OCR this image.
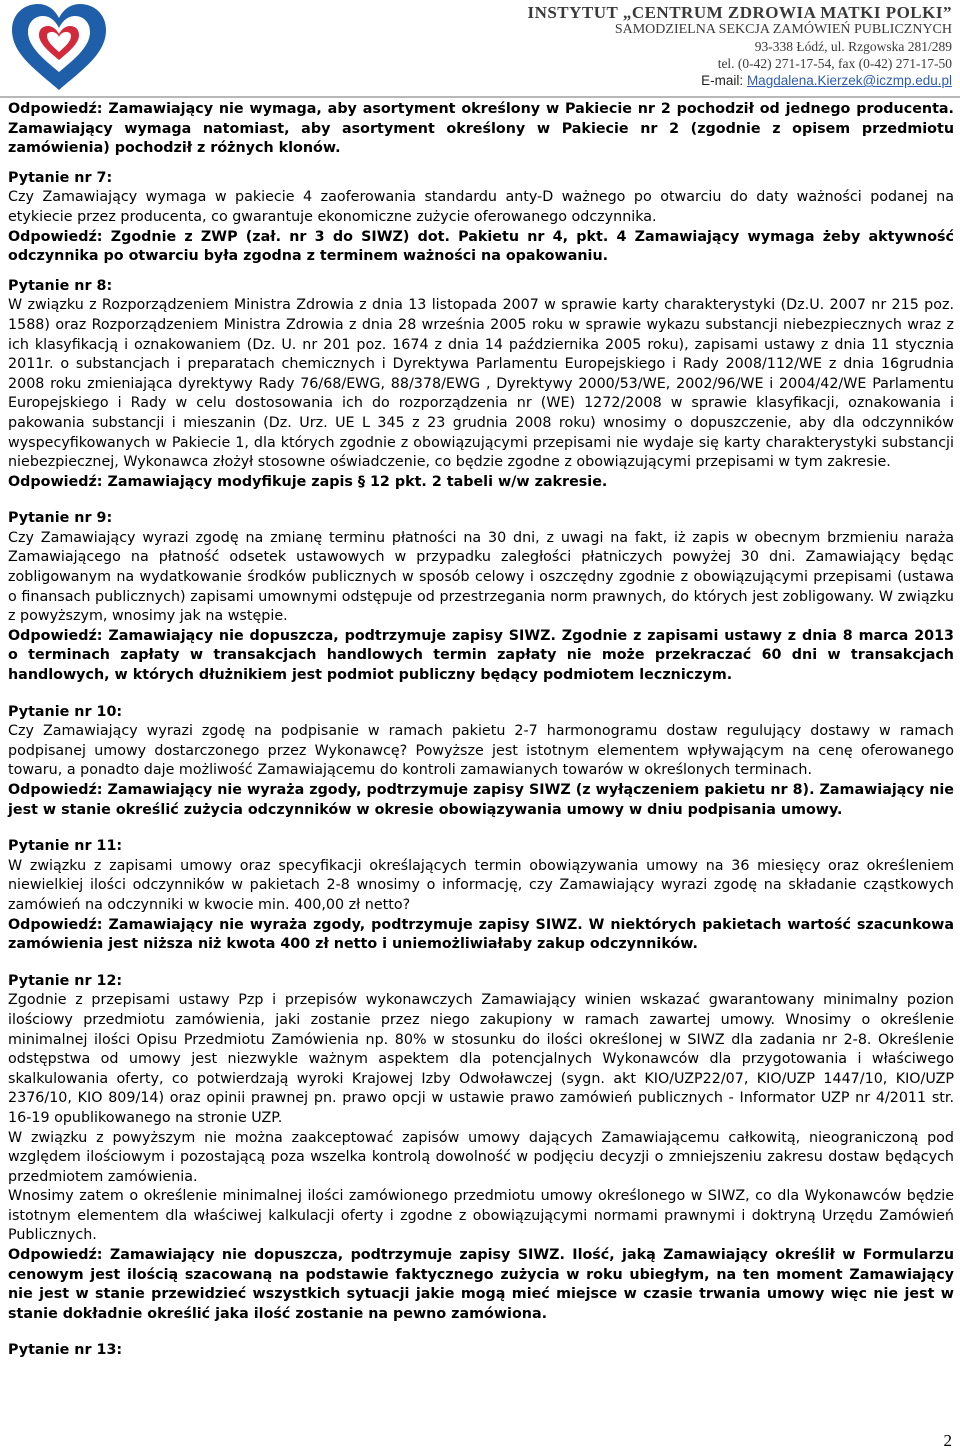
INSTYTUT „CENTRUM ZDROWIA MATKI POLKI”
SAMODZIELNA SEKCJA ZAMÓWIEŃ PUBLICZNYCH
93-338 Łódź, ul. Rzgowska 281/289
tel. (0-42) 271-17-54, fax (0-42) 271-17-50
E-mail: Magdalena.Kierzek@iczmp.edu.pl

Odpowiedź: Zamawiający nie wymaga, aby asortyment określony w Pakiecie nr 2 pochodził od jednego producenta. Zamawiający wymaga natomiast, aby asortyment określony w Pakiecie nr 2 (zgodnie z opisem przedmiotu zamówienia) pochodził z różnych klonów.

Pytanie nr 7:

Czy Zamawiający wymaga w pakiecie 4 zaoferowania standardu anty-D ważnego po otwarciu do daty ważności podanej na etykiecie przez producenta, co gwarantuje ekonomiczne zużycie oferowanego odczynnika.

Odpowiedź: Zgodnie z ZWP (zał. nr 3 do SIWZ) dot. Pakietu nr 4, pkt. 4 Zamawiający wymaga żeby aktywność odczynnika po otwarciu była zgodna z terminem ważności na opakowaniu.

Pytanie nr 8:

W związku z Rozporządzeniem Ministra Zdrowia z dnia 13 listopada 2007 w sprawie karty charakterystyki (Dz.U. 2007 nr 215 poz. 1588) oraz Rozporządzeniem Ministra Zdrowia z dnia 28 września 2005 roku w sprawie wykazu substancji niebezpiecznych wraz z ich klasyfikacją i oznakowaniem (Dz. U. nr 201 poz. 1674 z dnia 14 października 2005 roku), zapisami ustawy z dnia 11 stycznia 2011r. o substancjach i preparatach chemicznych i Dyrektywa Parlamentu Europejskiego i Rady 2008/112/WE z dnia 16grudnia 2008 roku zmieniająca dyrektywy Rady 76/68/EWG, 88/378/EWG , Dyrektywy 2000/53/WE, 2002/96/WE i 2004/42/WE Parlamentu Europejskiego i Rady w celu dostosowania ich do rozporządzenia nr (WE) 1272/2008 w sprawie klasyfikacji, oznakowania i pakowania substancji i mieszanin (Dz. Urz. UE L 345 z 23 grudnia 2008 roku) wnosimy o dopuszczenie, aby dla odczynników wyspecyfikowanych w Pakiecie 1, dla których zgodnie z obowiązującymi przepisami nie wydaje się karty charakterystyki substancji niebezpiecznej, Wykonawca złożył stosowne oświadczenie, co będzie zgodne z obowiązującymi przepisami w tym zakresie.

Odpowiedź: Zamawiający modyfikuje zapis § 12 pkt. 2 tabeli w/w zakresie.

Pytanie nr 9:

Czy Zamawiający wyrazi zgodę na zmianę terminu płatności na 30 dni, z uwagi na fakt, iż zapis w obecnym brzmieniu naraża Zamawiającego na płatność odsetek ustawowych w przypadku zaległości płatniczych powyżej 30 dni. Zamawiający będąc zobligowanym na wydatkowanie środków publicznych w sposób celowy i oszczędny zgodnie z obowiązującymi przepisami (ustawa o finansach publicznych) zapisami umownymi odstępuje od przestrzegania norm prawnych, do których jest zobligowany. W związku z powyższym, wnosimy jak na wstępie.

Odpowiedź: Zamawiający nie dopuszcza, podtrzymuje zapisy SIWZ. Zgodnie z zapisami ustawy z dnia 8 marca 2013 o terminach zapłaty w transakcjach handlowych termin zapłaty nie może przekraczać 60 dni w transakcjach handlowych, w których dłużnikiem jest podmiot publiczny będący podmiotem leczniczym.

Pytanie nr 10:

Czy Zamawiający wyrazi zgodę na podpisanie w ramach pakietu 2-7 harmonogramu dostaw regulujący dostawy w ramach podpisanej umowy dostarczonego przez Wykonawcę? Powyższe jest istotnym elementem wpływającym na cenę oferowanego towaru, a ponadto daje możliwość Zamawiającemu do kontroli zamawianych towarów w określonych terminach.

Odpowiedź: Zamawiający nie wyraża zgody, podtrzymuje zapisy SIWZ (z wyłączeniem pakietu nr 8). Zamawiający nie jest w stanie określić zużycia odczynników w okresie obowiązywania umowy w dniu podpisania umowy.

Pytanie nr 11:

W związku z zapisami umowy oraz specyfikacji określających termin obowiązywania umowy na 36 miesięcy oraz określeniem niewielkiej ilości odczynników w pakietach 2-8 wnosimy o informację, czy Zamawiający wyrazi zgodę na składanie cząstkowych zamówień na odczynniki w kwocie min. 400,00 zł netto?

Odpowiedź: Zamawiający nie wyraża zgody, podtrzymuje zapisy SIWZ. W niektórych pakietach wartość szacunkowa zamówienia jest niższa niż kwota 400 zł netto i uniemożliwiałaby zakup odczynników.

Pytanie nr 12:

Zgodnie z przepisami ustawy Pzp i przepisów wykonawczych Zamawiający winien wskazać gwarantowany minimalny pozion ilościowy przedmiotu zamówienia, jaki zostanie przez niego zakupiony w ramach zawartej umowy. Wnosimy o określenie minimalnej ilości Opisu Przedmiotu Zamówienia np. 80% w stosunku do ilości określonej w SIWZ dla zadania nr 2-8. Określenie odstępstwa od umowy jest niezwykle ważnym aspektem dla potencjalnych Wykonawców dla przygotowania i właściwego skalkulowania oferty, co potwierdzają wyroki Krajowej Izby Odwoławczej (sygn. akt KIO/UZP22/07, KIO/UZP 1447/10, KIO/UZP 2376/10, KIO 809/14) oraz opinii prawnej pn. prawo opcji w ustawie prawo zamówień publicznych - Informator UZP nr 4/2011 str. 16-19 opublikowanego na stronie UZP.

W związku z powyższym nie można zaakceptować zapisów umowy dających Zamawiającemu całkowitą, nieograniczoną pod względem ilościowym i pozostającą poza wszelka kontrolą dowolność w podjęciu decyzji o zmniejszeniu zakresu dostaw będących przedmiotem zamówienia.

Wnosimy zatem o określenie minimalnej ilości zamówionego przedmiotu umowy określonego w SIWZ, co dla Wykonawców będzie istotnym elementem dla właściwej kalkulacji oferty i zgodne z obowiązującymi normami prawnymi i doktryną Urzędu Zamówień Publicznych.

Odpowiedź: Zamawiający nie dopuszcza, podtrzymuje zapisy SIWZ. Ilość, jaką Zamawiający określił w Formularzu cenowym jest ilością szacowaną na podstawie faktycznego zużycia w roku ubiegłym, na ten moment Zamawiający nie jest w stanie przewidzieć wszystkich sytuacji jakie mogą mieć miejsce w czasie trwania umowy więc nie jest w stanie dokładnie określić jaka ilość zostanie na pewno zamówiona.

Pytanie nr 13:

2
